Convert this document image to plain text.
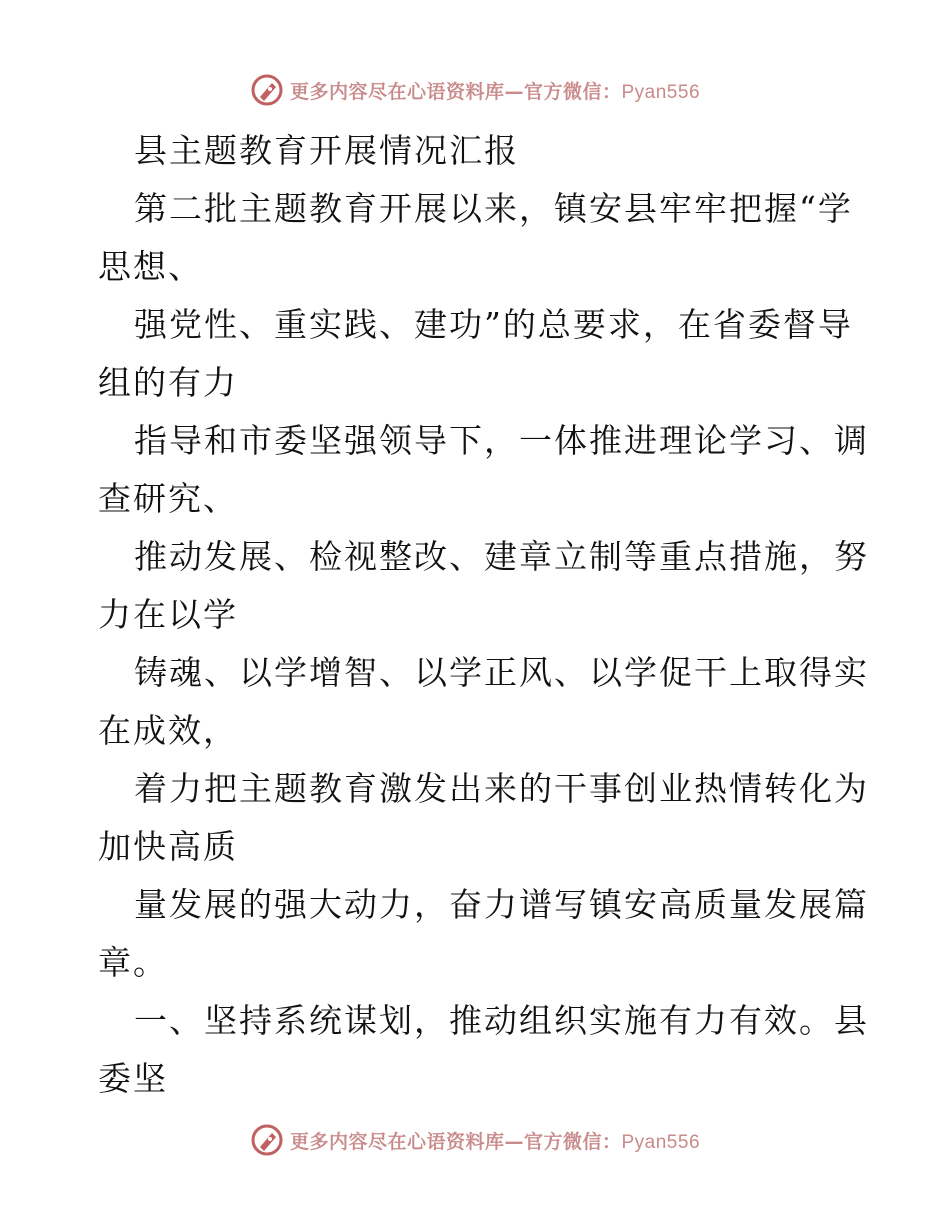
更多内容尽在心语资料库—官方微信：Pyan556
县主题教育开展情况汇报
第二批主题教育开展以来，镇安县牢牢把握“学
思想、
强党性、重实践、建功”的总要求，在省委督导
组的有力
指导和市委坚强领导下，一体推进理论学习、调
查研究、
推动发展、检视整改、建章立制等重点措施，努
力在以学
铸魂、以学增智、以学正风、以学促干上取得实
在成效，
着力把主题教育激发出来的干事创业热情转化为
加快高质
量发展的强大动力，奋力谱写镇安高质量发展篇
章。
一、坚持系统谋划，推动组织实施有力有效。县
委坚
更多内容尽在心语资料库—官方微信：Pyan556
